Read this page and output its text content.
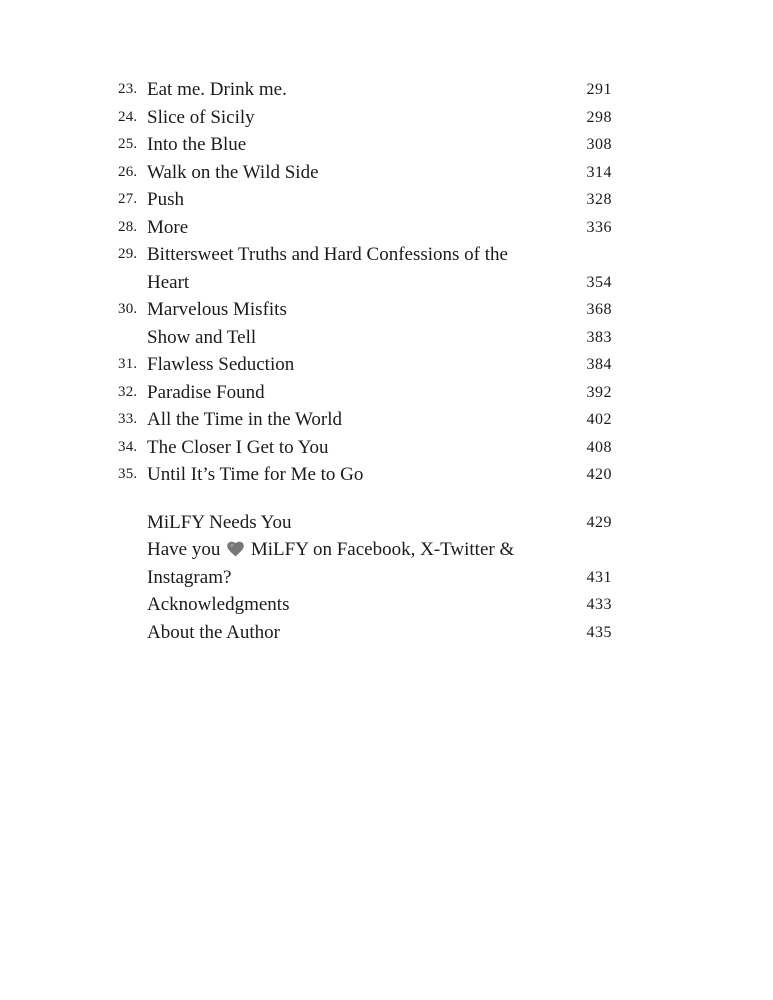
23. Eat me. Drink me.	291
24. Slice of Sicily	298
25. Into the Blue	308
26. Walk on the Wild Side	314
27. Push	328
28. More	336
29. Bittersweet Truths and Hard Confessions of the Heart	354
30. Marvelous Misfits	368
Show and Tell	383
31. Flawless Seduction	384
32. Paradise Found	392
33. All the Time in the World	402
34. The Closer I Get to You	408
35. Until It’s Time for Me to Go	420
MiLFY Needs You	429
Have you MiLFY on Facebook, X-Twitter & Instagram?	431
Acknowledgments	433
About the Author	435
